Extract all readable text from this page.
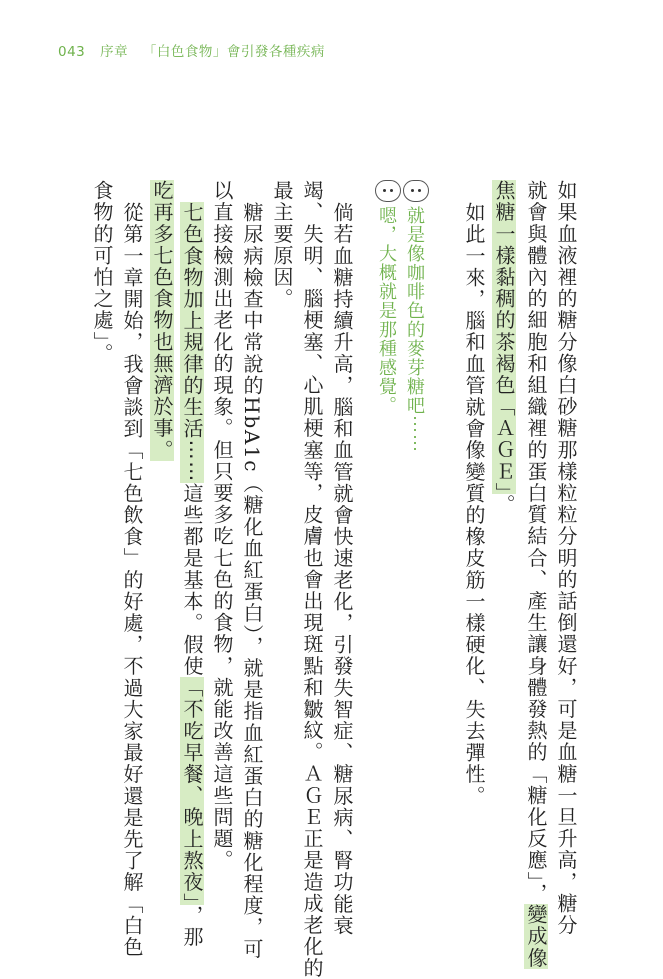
043 序章 「白色食物」會引發各種疾病
如果血液裡的糖分像白砂糖那樣粒粒分明的話倒還好，可是血糖一旦升高，糖分
就會與體內的細胞和組織裡的蛋白質結合、產生讓身體發熱的「糖化反應」，變成像
焦糖一樣黏稠的茶褐色「ＡＧＥ」。
如此一來，腦和血管就會像變質的橡皮筋一樣硬化、失去彈性。
就是像咖啡色的麥芽糖吧⋯⋯
嗯，大概就是那種感覺。
倘若血糖持續升高，腦和血管就會快速老化，引發失智症、糖尿病、腎功能衰
竭、失明、腦梗塞、心肌梗塞等，皮膚也會出現斑點和皺紋。ＡＧＥ正是造成老化的
最主要原因。
糖尿病檢查中常說的HbA1c（糖化血紅蛋白），就是指血紅蛋白的糖化程度，可
以直接檢測出老化的現象。但只要多吃七色的食物，就能改善這些問題。
七色食物加上規律的生活⋯⋯這些都是基本。假使「不吃早餐、晚上熬夜」，那
吃再多七色食物也無濟於事。
從第一章開始，我會談到「七色飲食」的好處，不過大家最好還是先了解「白色
食物的可怕之處」。
